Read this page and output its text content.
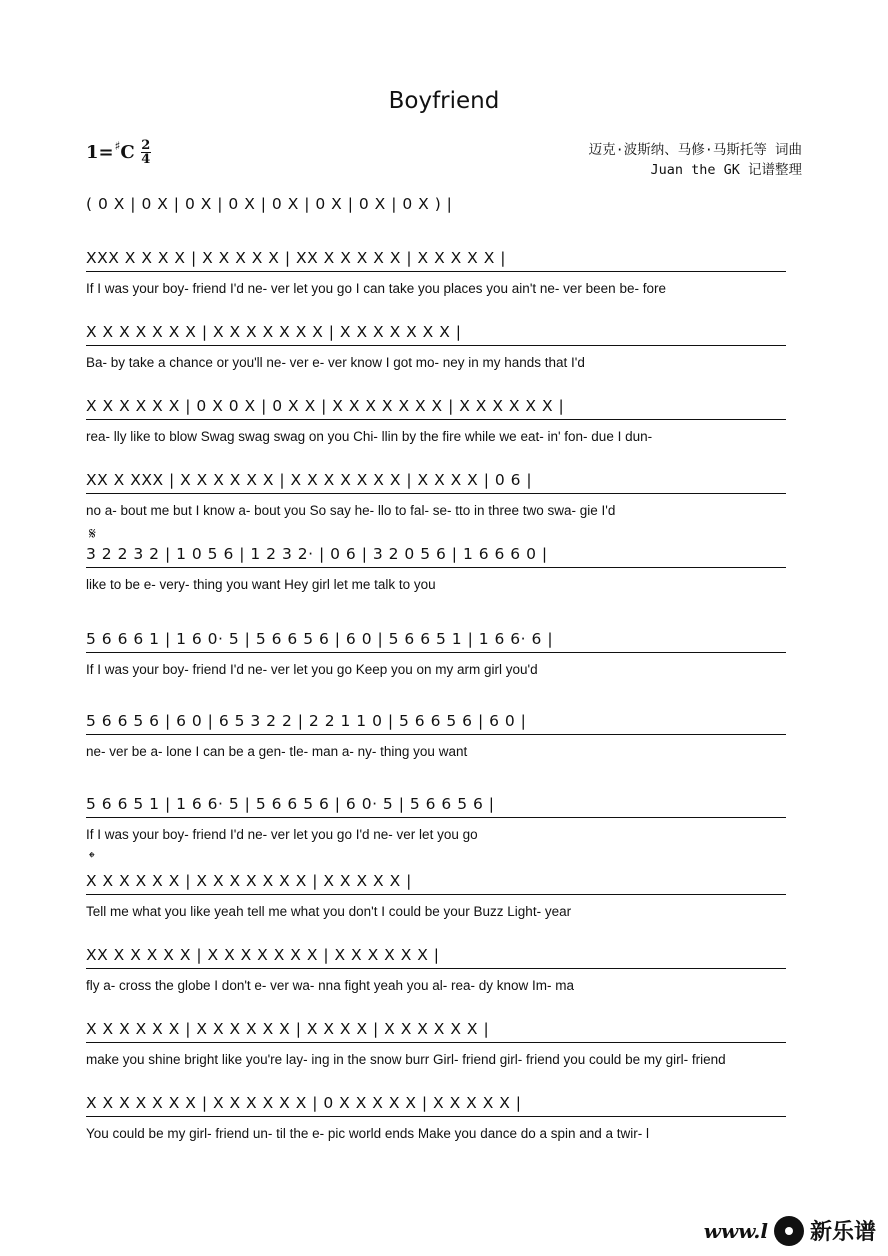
Boyfriend
1= ♯ C $\frac{2}{4}$	迈克·波斯纳、马修·马斯托等 词曲
Juan the GK 记谱整理
( 0 X | 0 X | 0 X | 0 X | 0 X | 0 X | 0 X | 0 X ) |
XXX X X X X | X X X X X | XX X X X X X | X X X X X |
If I was your boy- friend I'd ne- ver let you go I can take you places you ain't ne- ver been be- fore
X X X X X X X | X X X X X X X | X X X X X X X |
Ba- by take a chance or you'll ne- ver e- ver know I got mo- ney in my hands that I'd
X X X X X X | 0 X 0 X | 0 X X | X X X X X X X | X X X X X X |
rea- lly like to blow Swag swag swag on you Chi- llin by the fire while we eat- in' fon- due I dun-
XX X XXX | X X X X X X | X X X X X X X | X X X X | 0 6 |
no a- bout me but I know a- bout you So say he- llo to fal- se- tto in three two swa- gie I'd
3 2 2 3 2 | 1 0 5 6 | 1 2 3 2· | 0 6 | 3 2 0 5 6 | 1 6 6 6 0 |
like to be e- very- thing you want Hey girl let me talk to you
5 6 6 6 1 | 1 6 0· 5 | 5 6 6 5 6 | 6 0 | 5 6 6 5 1 | 1 6 6· 6 |
If I was your boy- friend I'd ne- ver let you go Keep you on my arm girl you'd
5 6 6 5 6 | 6 0 | 6 5 3 2 2 | 2 2 1 1 0 | 5 6 6 5 6 | 6 0 |
ne- ver be a- lone I can be a gen- tle- man a- ny- thing you want
5 6 6 5 1 | 1 6 6· 5 | 5 6 6 5 6 | 6 0· 5 | 5 6 6 5 6 |
If I was your boy- friend I'd ne- ver let you go I'd ne- ver let you go
X X X X X X | X X X X X X X | X X X X X |
Tell me what you like yeah tell me what you don't I could be your Buzz Light- year
XX X X X X X | X X X X X X X | X X X X X X |
fly a- cross the globe I don't e- ver wa- nna fight yeah you al- rea- dy know Im- ma
X X X X X X | X X X X X X | X X X X | X X X X X X |
make you shine bright like you're lay- ing in the snow burr Girl- friend girl- friend you could be my girl- friend
X X X X X X X | X X X X X X | 0 X X X X X | X X X X X |
You could be my girl- friend un- til the e- pic world ends Make you dance do a spin and a twir- l
𝄋
𝄌
www.l 新乐谱
